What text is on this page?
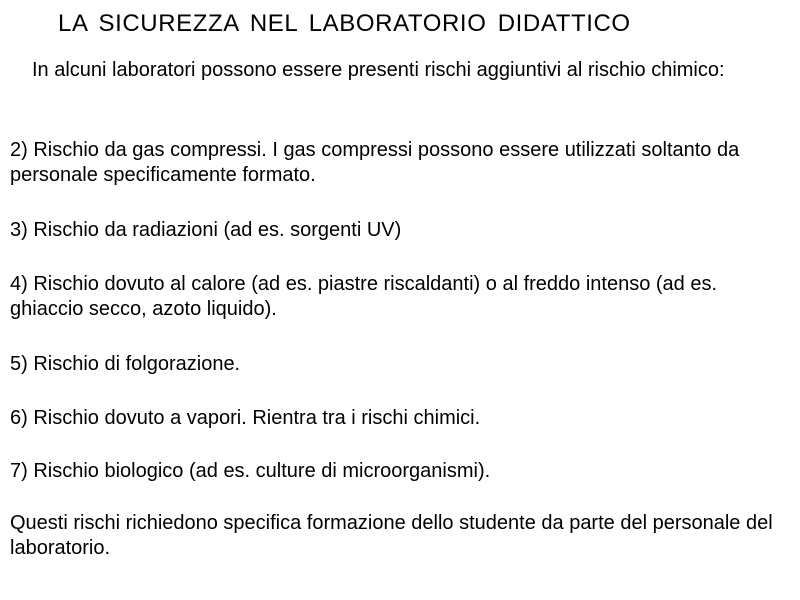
LA SICUREZZA NEL LABORATORIO DIDATTICO

In alcuni laboratori possono essere presenti rischi aggiuntivi al rischio chimico:

2) Rischio da gas compressi. I gas compressi possono essere utilizzati soltanto da personale specificamente formato.

3) Rischio da radiazioni (ad es. sorgenti UV)

4) Rischio dovuto al calore (ad es. piastre riscaldanti) o al freddo intenso (ad es. ghiaccio secco, azoto liquido).

5) Rischio di folgorazione.

6) Rischio dovuto a vapori. Rientra tra i rischi chimici.

7) Rischio biologico (ad es. culture di microorganismi).

Questi rischi richiedono specifica formazione dello studente da parte del personale del laboratorio.
